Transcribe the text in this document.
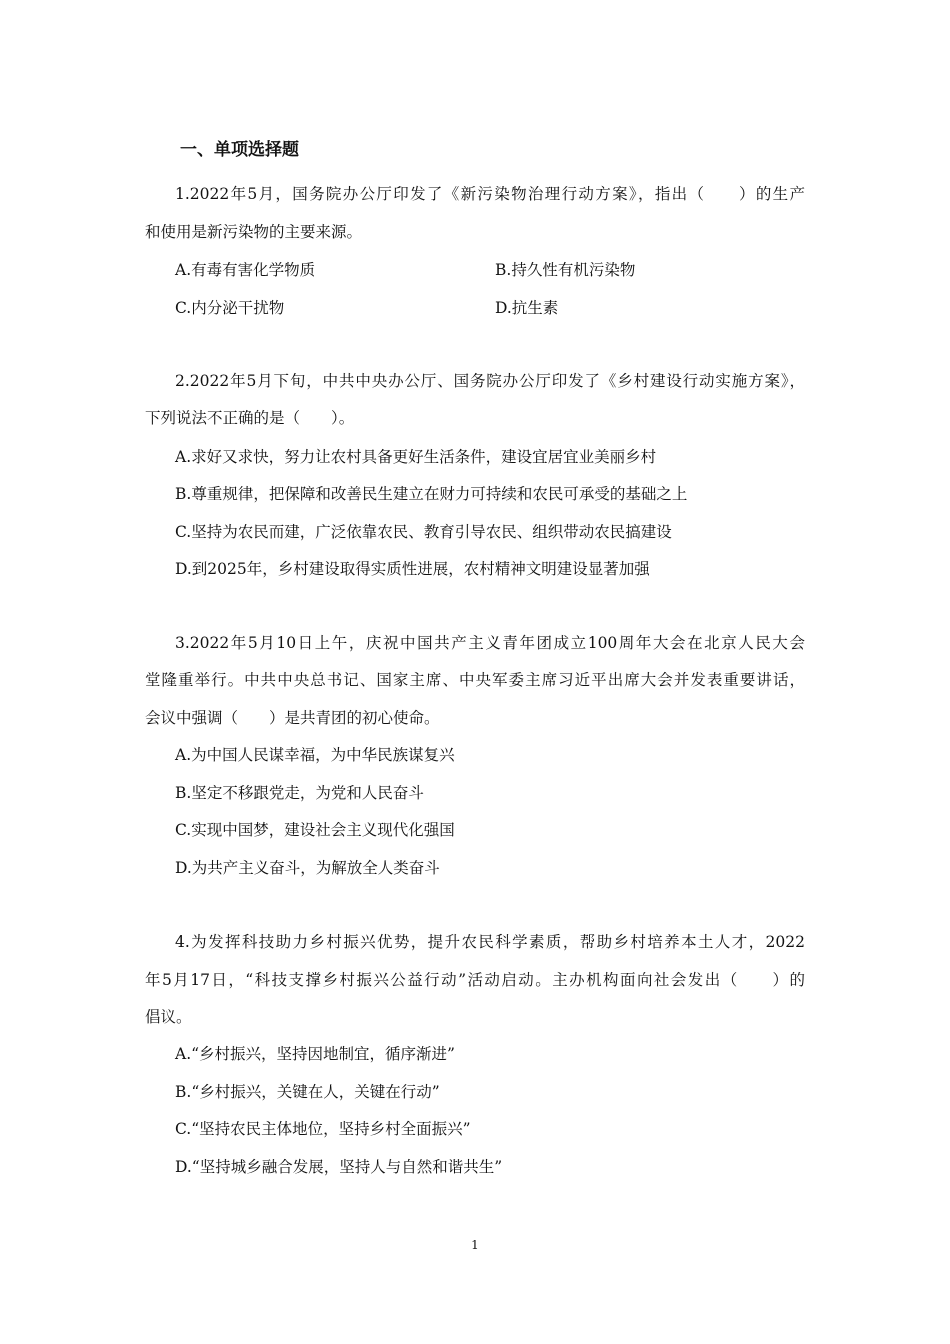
一、单项选择题
1.2022年5月，国务院办公厅印发了《新污染物治理行动方案》，指出（　　）的生产
和使用是新污染物的主要来源。
A.有毒有害化学物质	B.持久性有机污染物
C.内分泌干扰物	D.抗生素
2.2022年5月下旬，中共中央办公厅、国务院办公厅印发了《乡村建设行动实施方案》，
下列说法不正确的是（　　）。
A.求好又求快，努力让农村具备更好生活条件，建设宜居宜业美丽乡村
B.尊重规律，把保障和改善民生建立在财力可持续和农民可承受的基础之上
C.坚持为农民而建，广泛依靠农民、教育引导农民、组织带动农民搞建设
D.到2025年，乡村建设取得实质性进展，农村精神文明建设显著加强
3.2022年5月10日上午，庆祝中国共产主义青年团成立100周年大会在北京人民大会
堂隆重举行。中共中央总书记、国家主席、中央军委主席习近平出席大会并发表重要讲话，
会议中强调（　　）是共青团的初心使命。
A.为中国人民谋幸福，为中华民族谋复兴
B.坚定不移跟党走，为党和人民奋斗
C.实现中国梦，建设社会主义现代化强国
D.为共产主义奋斗，为解放全人类奋斗
4.为发挥科技助力乡村振兴优势，提升农民科学素质，帮助乡村培养本土人才，2022
年5月17日，“科技支撑乡村振兴公益行动”活动启动。主办机构面向社会发出（　　）的
倡议。
A.“乡村振兴，坚持因地制宜，循序渐进”
B.“乡村振兴，关键在人，关键在行动”
C.“坚持农民主体地位，坚持乡村全面振兴”
D.“坚持城乡融合发展，坚持人与自然和谐共生”
1
